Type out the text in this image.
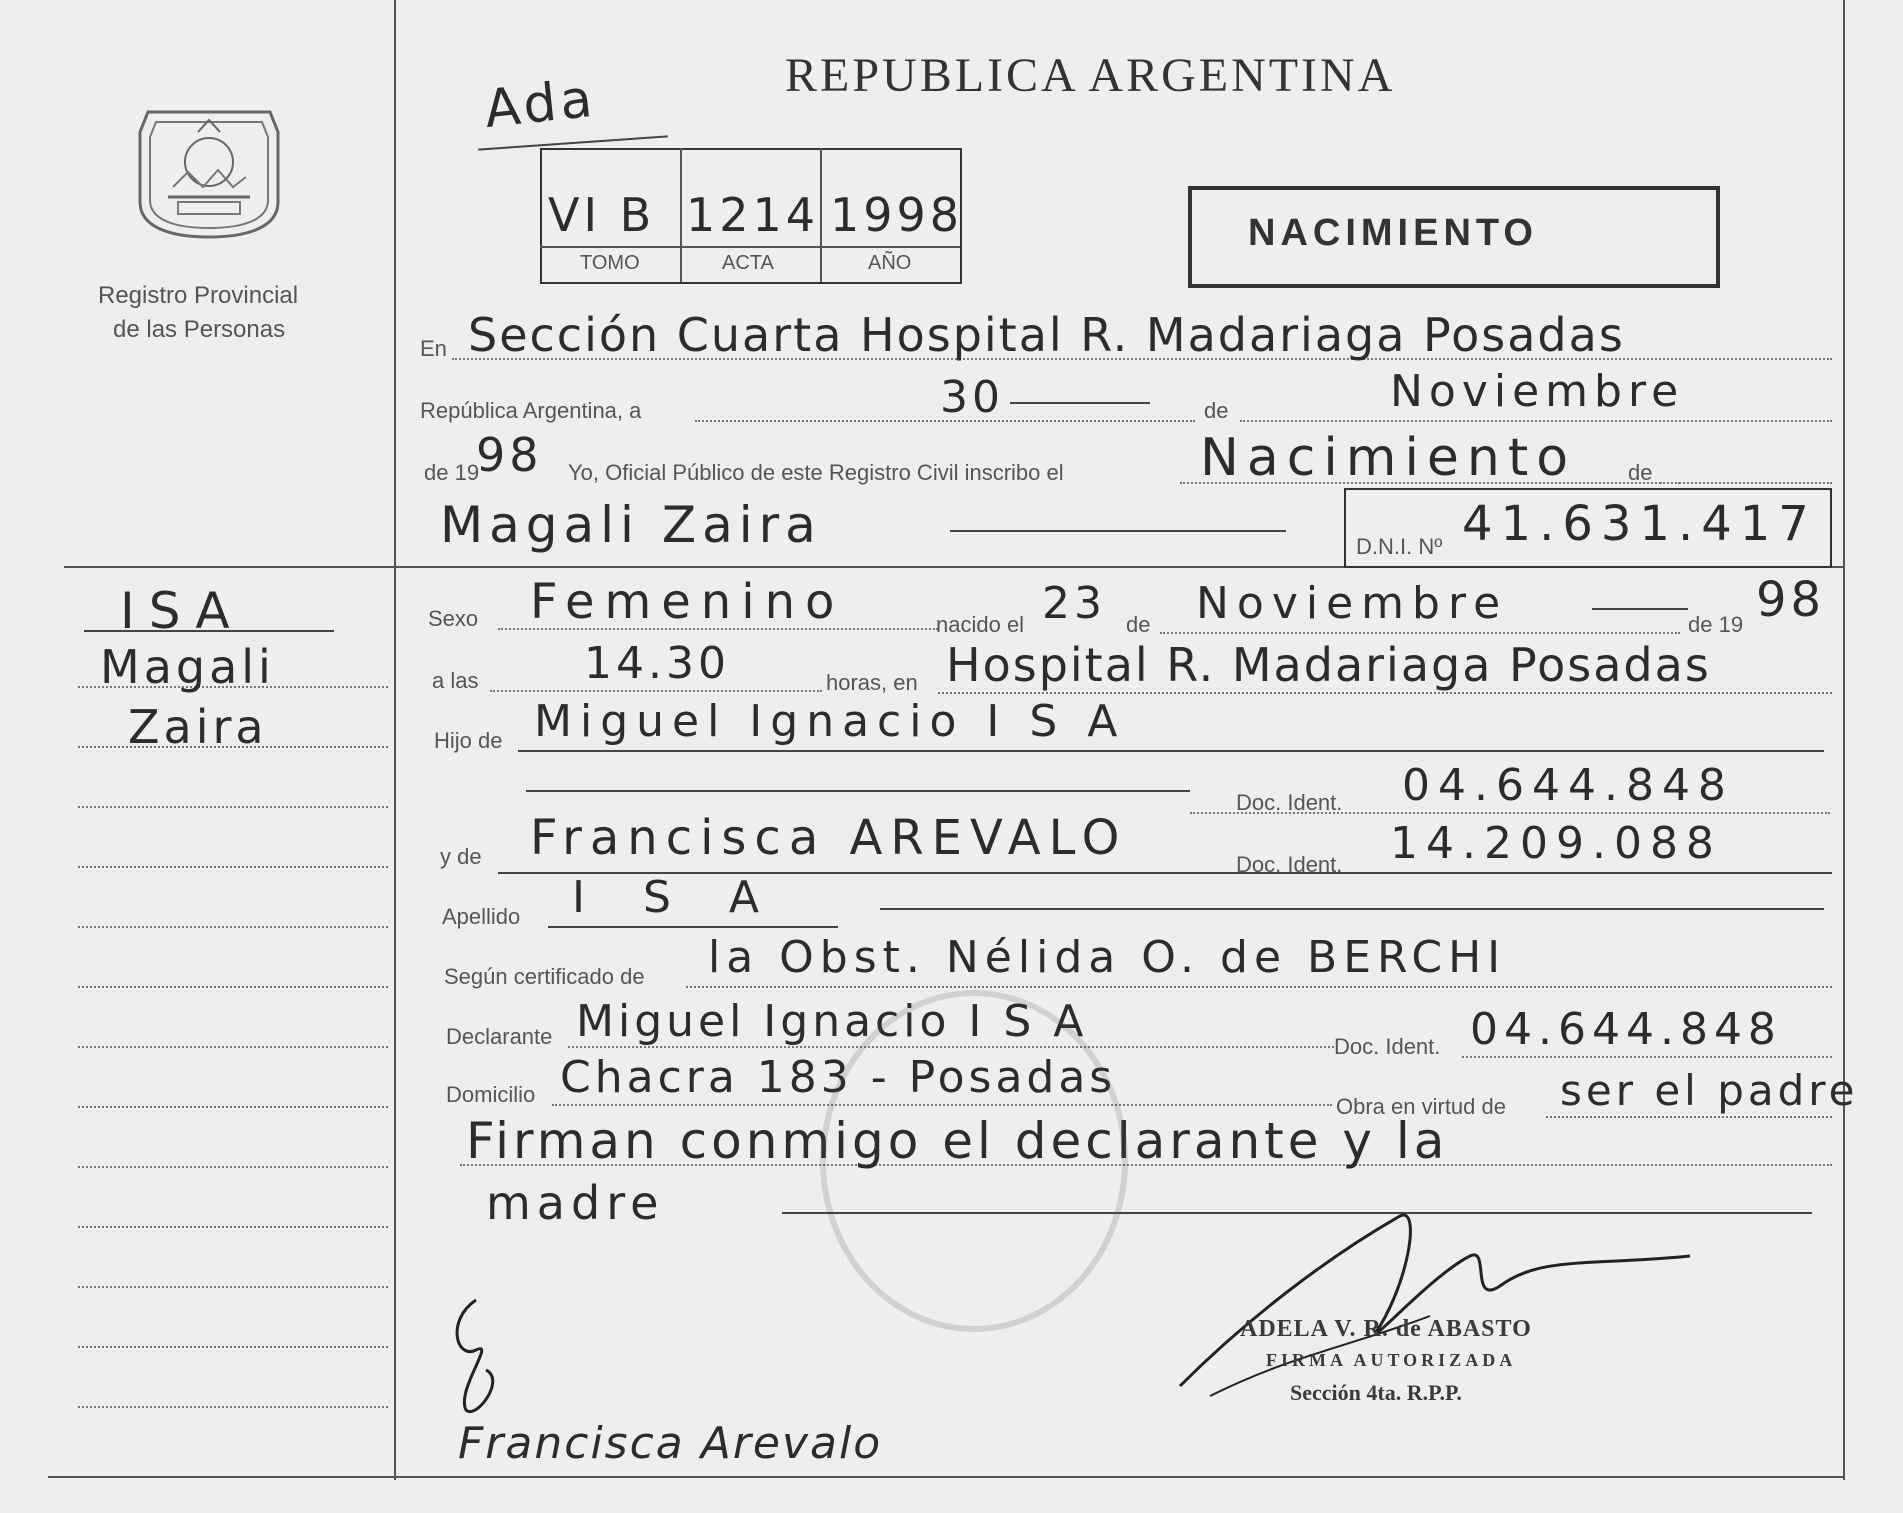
Registro Provincial
de las Personas
ISA
Magali
Zaira
Ada	REPUBLICA ARGENTINA
VI B 1214 1998
TOMO	ACTA	AÑO
NACIMIENTO
En Sección Cuarta Hospital R. Madariaga Posadas
República Argentina, a	30	de	Noviembre
de 19
98 Yo, Oficial Público de este Registro Civil inscribo el	Nacimiento de
Magali Zaira	D.N.I. Nº 41.631.417
Sexo Femenino	nacido el 23 de Noviembre	de 19 98
a las 14.30	horas, en Hospital R. Madariaga Posadas
Hijo de Miguel Ignacio I S A
Doc. Ident. 04.644.848
y de Francisca AREVALO	Doc. Ident. 14.209.088
Apellido I S A
Según certificado de la Obst. Nélida O. de BERCHI
Declarante Miguel Ignacio I S A	Doc. Ident. 04.644.848
Domicilio Chacra 183 - Posadas
Obra en virtud de ser el padre
Firman conmigo el declarante y la
madre
ADELA V. R. de ABASTO
FIRMA AUTORIZADA
Sección 4ta. R.P.P.
Francisca Arevalo
